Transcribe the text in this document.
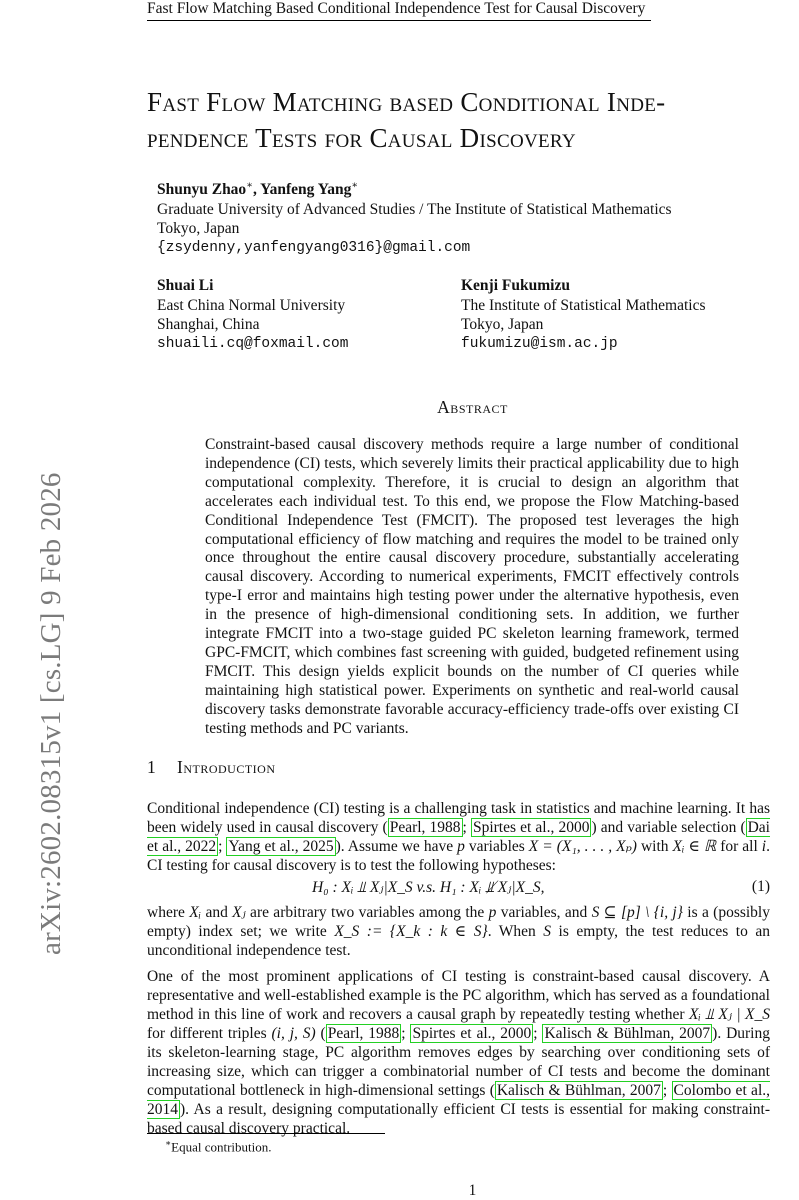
Fast Flow Matching Based Conditional Independence Test for Causal Discovery
arXiv:2602.08315v1 [cs.LG] 9 Feb 2026
Fast Flow Matching based Conditional Inde-
pendence Tests for Causal Discovery
Shunyu Zhao∗, Yanfeng Yang∗
Graduate University of Advanced Studies / The Institute of Statistical Mathematics
Tokyo, Japan
{zsydenny,yanfengyang0316}@gmail.com
Shuai Li
East China Normal University
Shanghai, China
shuaili.cq@foxmail.com
Kenji Fukumizu
The Institute of Statistical Mathematics
Tokyo, Japan
fukumizu@ism.ac.jp
Abstract
Constraint-based causal discovery methods require a large number of conditional independence (CI) tests, which severely limits their practical applicability due to high computational complexity. Therefore, it is crucial to design an algorithm that accelerates each individual test. To this end, we propose the Flow Matching-based Conditional Independence Test (FMCIT). The proposed test leverages the high computational efficiency of flow matching and requires the model to be trained only once throughout the entire causal discovery procedure, substantially accelerating causal discovery. According to numerical experiments, FMCIT effectively controls type-I error and maintains high testing power under the alternative hypothesis, even in the presence of high-dimensional conditioning sets. In addition, we further integrate FMCIT into a two-stage guided PC skeleton learning framework, termed GPC-FMCIT, which combines fast screening with guided, budgeted refinement using FMCIT. This design yields explicit bounds on the number of CI queries while maintaining high statistical power. Experiments on synthetic and real-world causal discovery tasks demonstrate favorable accuracy-efficiency trade-offs over existing CI testing methods and PC variants.
1 Introduction
Conditional independence (CI) testing is a challenging task in statistics and machine learning. It has been widely used in causal discovery ( Pearl, 1988 ; Spirtes et al., 2000 ) and variable selection ( Dai et al., 2022 ; Yang et al., 2025 ). Assume we have p variables X = (X₁, . . . , Xₚ) with Xᵢ ∈ ℝ for all i. CI testing for causal discovery is to test the following hypotheses:
H₀ : Xᵢ ⫫ Xⱼ|X_S v.s. H₁ : Xᵢ ⫫̸ Xⱼ|X_S,	(1)
where Xᵢ and Xⱼ are arbitrary two variables among the p variables, and S ⊆ [p] \ {i, j} is a (possibly empty) index set; we write X_S := {X_k : k ∈ S}. When S is empty, the test reduces to an unconditional independence test.
One of the most prominent applications of CI testing is constraint-based causal discovery. A representative and well-established example is the PC algorithm, which has served as a foundational method in this line of work and recovers a causal graph by repeatedly testing whether Xᵢ ⫫ Xⱼ | X_S for different triples (i, j, S) ( Pearl, 1988 ; Spirtes et al., 2000 ; Kalisch & Bühlman, 2007 ). During its skeleton-learning stage, PC algorithm removes edges by searching over conditioning sets of increasing size, which can trigger a combinatorial number of CI tests and become the dominant computational bottleneck in high-dimensional settings ( Kalisch & Bühlman, 2007 ; Colombo et al., 2014 ). As a result, designing computationally efficient CI tests is essential for making constraint-based causal discovery practical.
∗Equal contribution.
1
